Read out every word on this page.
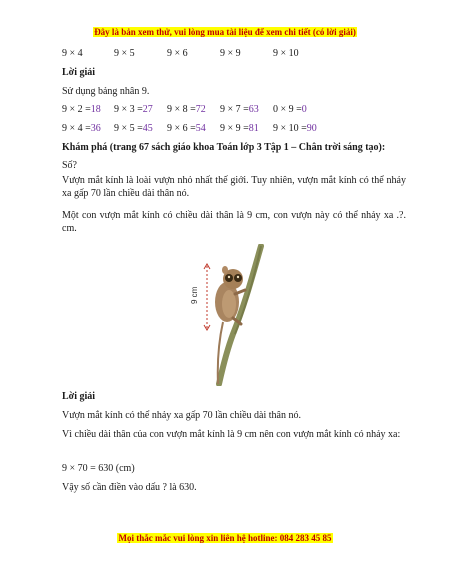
Đây là bản xem thử, vui lòng mua tài liệu để xem chi tiết (có lời giải)
9 × 4	9 × 5	9 × 6	9 × 9	9 × 10
Lời giải
Sử dụng bảng nhân 9.
9 × 2 =18 9 × 3 =27 9 × 8 =72 9 × 7 =63 0 × 9 =0
9 × 4 =36 9 × 5 =45 9 × 6 =54 9 × 9 =81 9 × 10 =90
Khám phá (trang 67 sách giáo khoa Toán lớp 3 Tập 1 – Chân trời sáng tạo):
Số?
Vượn mắt kính là loài vượn nhỏ nhất thế giới. Tuy nhiên, vượn mắt kính có thể nhảy xa gấp 70 lần chiều dài thân nó.
Một con vượn mắt kính có chiều dài thân là 9 cm, con vượn này có thể nhảy xa .?. cm.
9 cm
Lời giải
Vượn mắt kính có thể nhảy xa gấp 70 lần chiều dài thân nó.
Vì chiều dài thân của con vượn mắt kính là 9 cm nên con vượn mắt kính có nhảy xa:
9 × 70 = 630 (cm)
Vậy số cần điền vào dấu ? là 630.
Mọi thắc mắc vui lòng xin liên hệ hotline: 084 283 45 85
